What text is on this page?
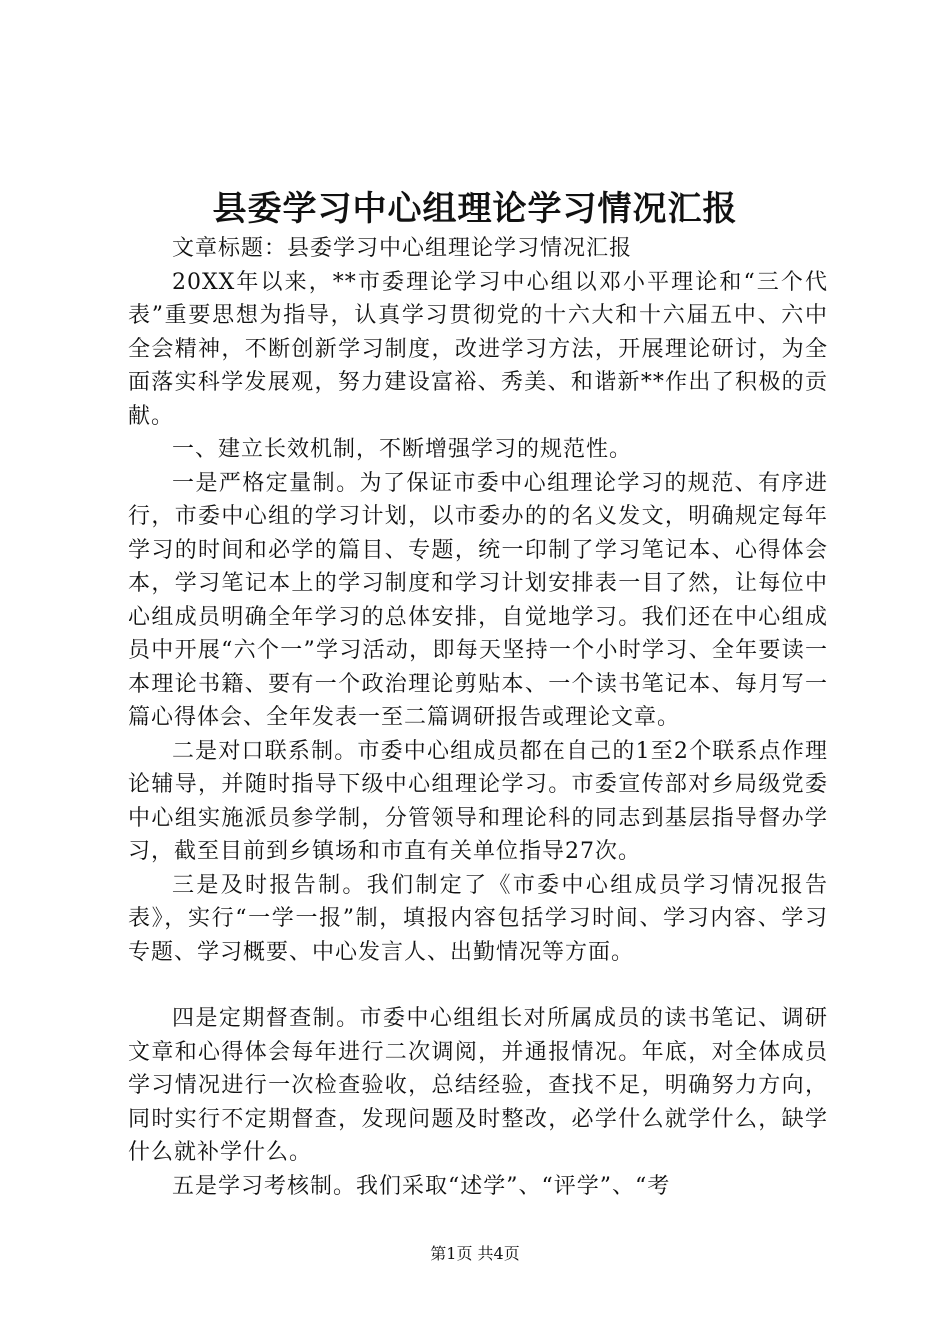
县委学习中心组理论学习情况汇报

文章标题：县委学习中心组理论学习情况汇报

20XX年以来，**市委理论学习中心组以邓小平理论和“三个代表”重要思想为指导，认真学习贯彻党的十六大和十六届五中、六中全会精神，不断创新学习制度，改进学习方法，开展理论研讨，为全面落实科学发展观，努力建设富裕、秀美、和谐新**作出了积极的贡献。

一、建立长效机制，不断增强学习的规范性。

一是严格定量制。为了保证市委中心组理论学习的规范、有序进行，市委中心组的学习计划，以市委办的的名义发文，明确规定每年学习的时间和必学的篇目、专题，统一印制了学习笔记本、心得体会本，学习笔记本上的学习制度和学习计划安排表一目了然，让每位中心组成员明确全年学习的总体安排，自觉地学习。我们还在中心组成员中开展“六个一”学习活动，即每天坚持一个小时学习、全年要读一本理论书籍、要有一个政治理论剪贴本、一个读书笔记本、每月写一篇心得体会、全年发表一至二篇调研报告或理论文章。

二是对口联系制。市委中心组成员都在自己的1至2个联系点作理论辅导，并随时指导下级中心组理论学习。市委宣传部对乡局级党委中心组实施派员参学制，分管领导和理论科的同志到基层指导督办学习，截至目前到乡镇场和市直有关单位指导27次。

三是及时报告制。我们制定了《市委中心组成员学习情况报告表》，实行“一学一报”制，填报内容包括学习时间、学习内容、学习专题、学习概要、中心发言人、出勤情况等方面。

四是定期督查制。市委中心组组长对所属成员的读书笔记、调研文章和心得体会每年进行二次调阅，并通报情况。年底，对全体成员学习情况进行一次检查验收，总结经验，查找不足，明确努力方向，同时实行不定期督查，发现问题及时整改，必学什么就学什么，缺学什么就补学什么。

五是学习考核制。我们采取“述学”、“评学”、“考

第1页 共4页
